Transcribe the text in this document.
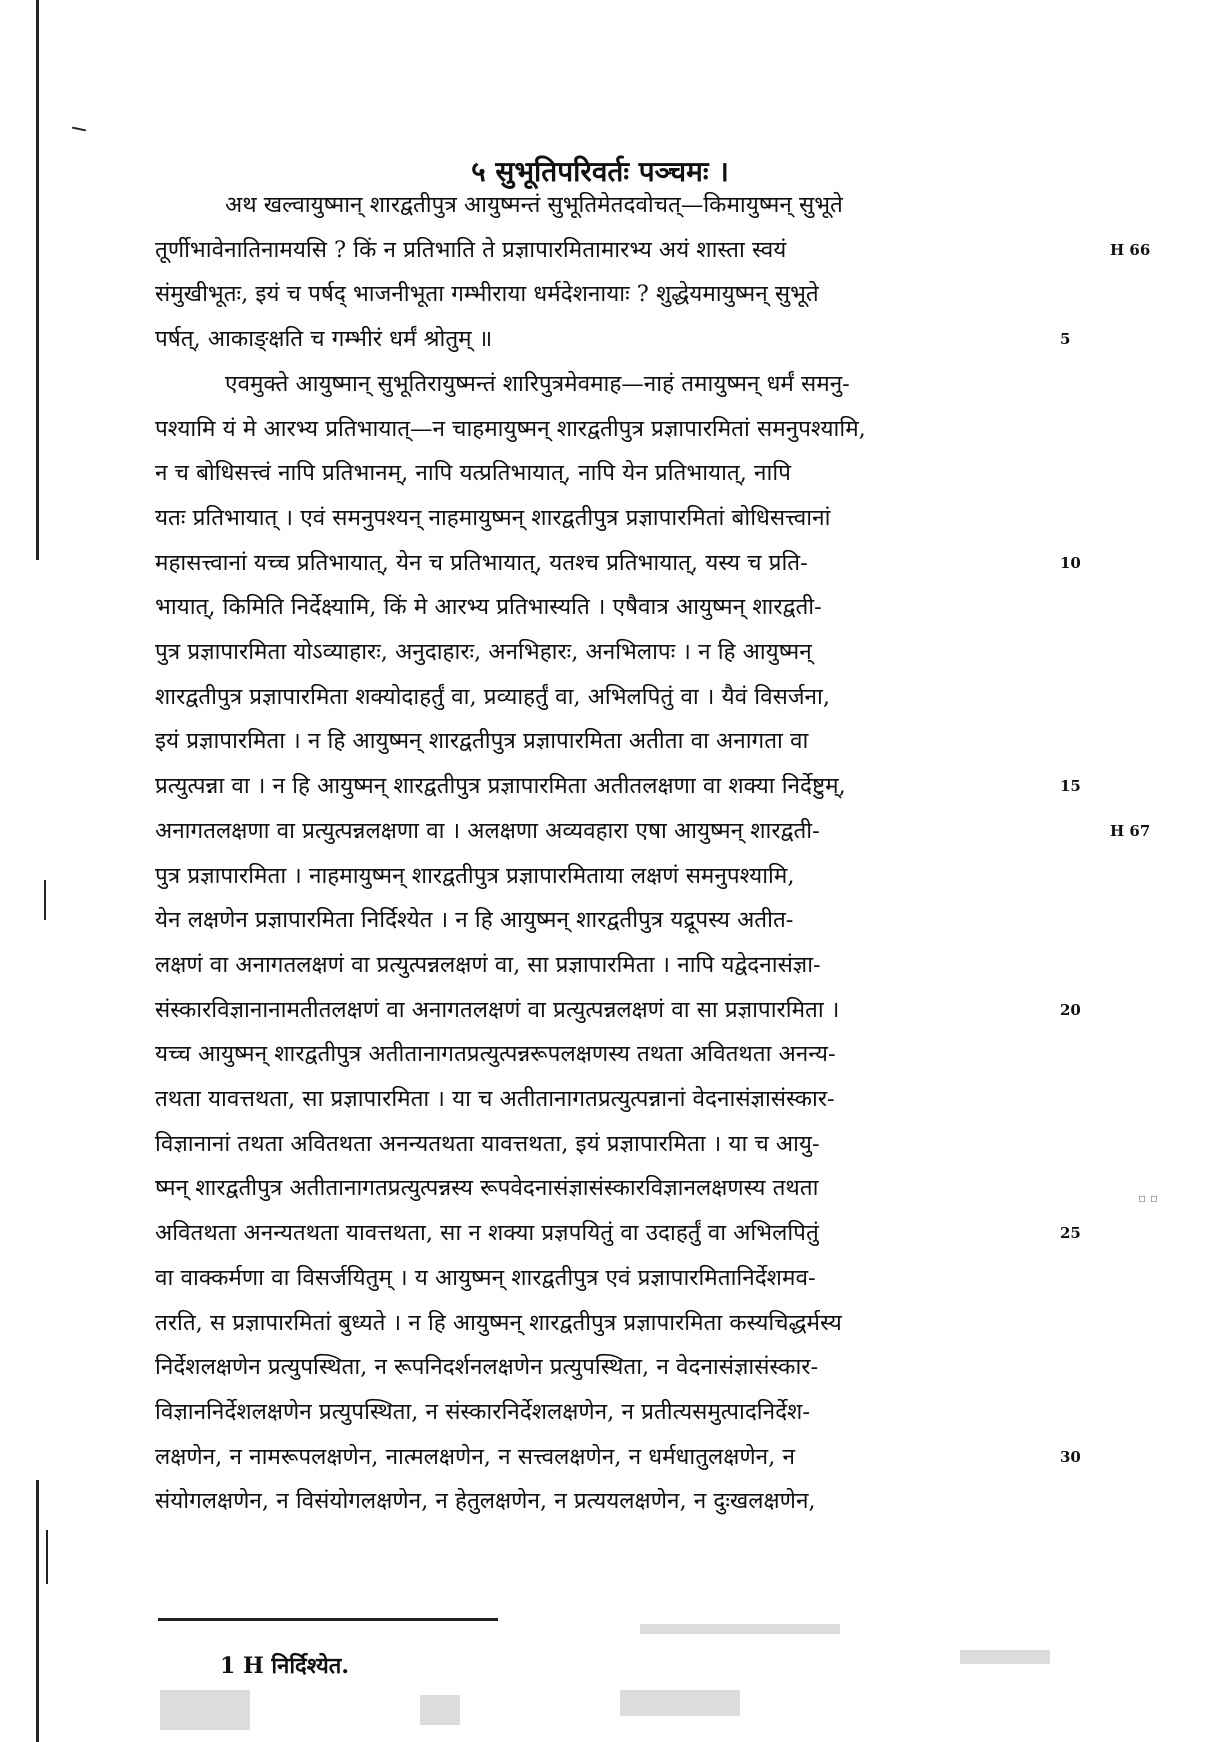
५ सुभूतिपरिवर्तः पञ्चमः ।
अथ खल्वायुष्मान् शारद्वतीपुत्र आयुष्मन्तं सुभूतिमेतदवोचत्—किमायुष्मन् सुभूते
तूर्णीभावेनातिनामयसि ? किं न प्रतिभाति ते प्रज्ञापारमितामारभ्य अयं शास्ता स्वयं	H 66
संमुखीभूतः, इयं च पर्षद् भाजनीभूता गम्भीराया धर्मदेशनायाः ? शुद्धेयमायुष्मन् सुभूते
पर्षत्, आकाङ्क्षति च गम्भीरं धर्मं श्रोतुम् ॥	5
एवमुक्ते आयुष्मान् सुभूतिरायुष्मन्तं शारिपुत्रमेवमाह—नाहं तमायुष्मन् धर्मं समनु-
पश्यामि यं मे आरभ्य प्रतिभायात्—न चाहमायुष्मन् शारद्वतीपुत्र प्रज्ञापारमितां समनुपश्यामि,
न च बोधिसत्त्वं नापि प्रतिभानम्, नापि यत्प्रतिभायात्, नापि येन प्रतिभायात्, नापि
यतः प्रतिभायात् । एवं समनुपश्यन् नाहमायुष्मन् शारद्वतीपुत्र प्रज्ञापारमितां बोधिसत्त्वानां
महासत्त्वानां यच्च प्रतिभायात्, येन च प्रतिभायात्, यतश्च प्रतिभायात्, यस्य च प्रति-	10
भायात्, किमिति निर्देक्ष्यामि, किं मे आरभ्य प्रतिभास्यति । एषैवात्र आयुष्मन् शारद्वती-
पुत्र प्रज्ञापारमिता योऽव्याहारः, अनुदाहारः, अनभिहारः, अनभिलापः । न हि आयुष्मन्
शारद्वतीपुत्र प्रज्ञापारमिता शक्योदाहर्तुं वा, प्रव्याहर्तुं वा, अभिलपितुं वा । यैवं विसर्जना,
इयं प्रज्ञापारमिता । न हि आयुष्मन् शारद्वतीपुत्र प्रज्ञापारमिता अतीता वा अनागता वा
प्रत्युत्पन्ना वा । न हि आयुष्मन् शारद्वतीपुत्र प्रज्ञापारमिता अतीतलक्षणा वा शक्या निर्देष्टुम्,	15
अनागतलक्षणा वा प्रत्युत्पन्नलक्षणा वा । अलक्षणा अव्यवहारा एषा आयुष्मन् शारद्वती-	H 67
पुत्र प्रज्ञापारमिता । नाहमायुष्मन् शारद्वतीपुत्र प्रज्ञापारमिताया लक्षणं समनुपश्यामि,
येन लक्षणेन प्रज्ञापारमिता निर्दिश्येत । न हि आयुष्मन् शारद्वतीपुत्र यद्रूपस्य अतीत-
लक्षणं वा अनागतलक्षणं वा प्रत्युत्पन्नलक्षणं वा, सा प्रज्ञापारमिता । नापि यद्वेदनासंज्ञा-
संस्कारविज्ञानानामतीतलक्षणं वा अनागतलक्षणं वा प्रत्युत्पन्नलक्षणं वा सा प्रज्ञापारमिता ।	20
यच्च आयुष्मन् शारद्वतीपुत्र अतीतानागतप्रत्युत्पन्नरूपलक्षणस्य तथता अवितथता अनन्य-
तथता यावत्तथता, सा प्रज्ञापारमिता । या च अतीतानागतप्रत्युत्पन्नानां वेदनासंज्ञासंस्कार-
विज्ञानानां तथता अवितथता अनन्यतथता यावत्तथता, इयं प्रज्ञापारमिता । या च आयु-
ष्मन् शारद्वतीपुत्र अतीतानागतप्रत्युत्पन्नस्य रूपवेदनासंज्ञासंस्कारविज्ञानलक्षणस्य तथता
अवितथता अनन्यतथता यावत्तथता, सा न शक्या प्रज्ञपयितुं वा उदाहर्तुं वा अभिलपितुं	25
वा वाक्कर्मणा वा विसर्जयितुम् । य आयुष्मन् शारद्वतीपुत्र एवं प्रज्ञापारमितानिर्देशमव-
तरति, स प्रज्ञापारमितां बुध्यते । न हि आयुष्मन् शारद्वतीपुत्र प्रज्ञापारमिता कस्यचिद्धर्मस्य
निर्देशलक्षणेन प्रत्युपस्थिता, न रूपनिदर्शनलक्षणेन प्रत्युपस्थिता, न वेदनासंज्ञासंस्कार-
विज्ञाननिर्देशलक्षणेन प्रत्युपस्थिता, न संस्कारनिर्देशलक्षणेन, न प्रतीत्यसमुत्पादनिर्देश-
लक्षणेन, न नामरूपलक्षणेन, नात्मलक्षणेन, न सत्त्वलक्षणेन, न धर्मधातुलक्षणेन, न	30
संयोगलक्षणेन, न विसंयोगलक्षणेन, न हेतुलक्षणेन, न प्रत्ययलक्षणेन, न दुःखलक्षणेन,
▫ ▫
1 H निर्दिश्येत.
